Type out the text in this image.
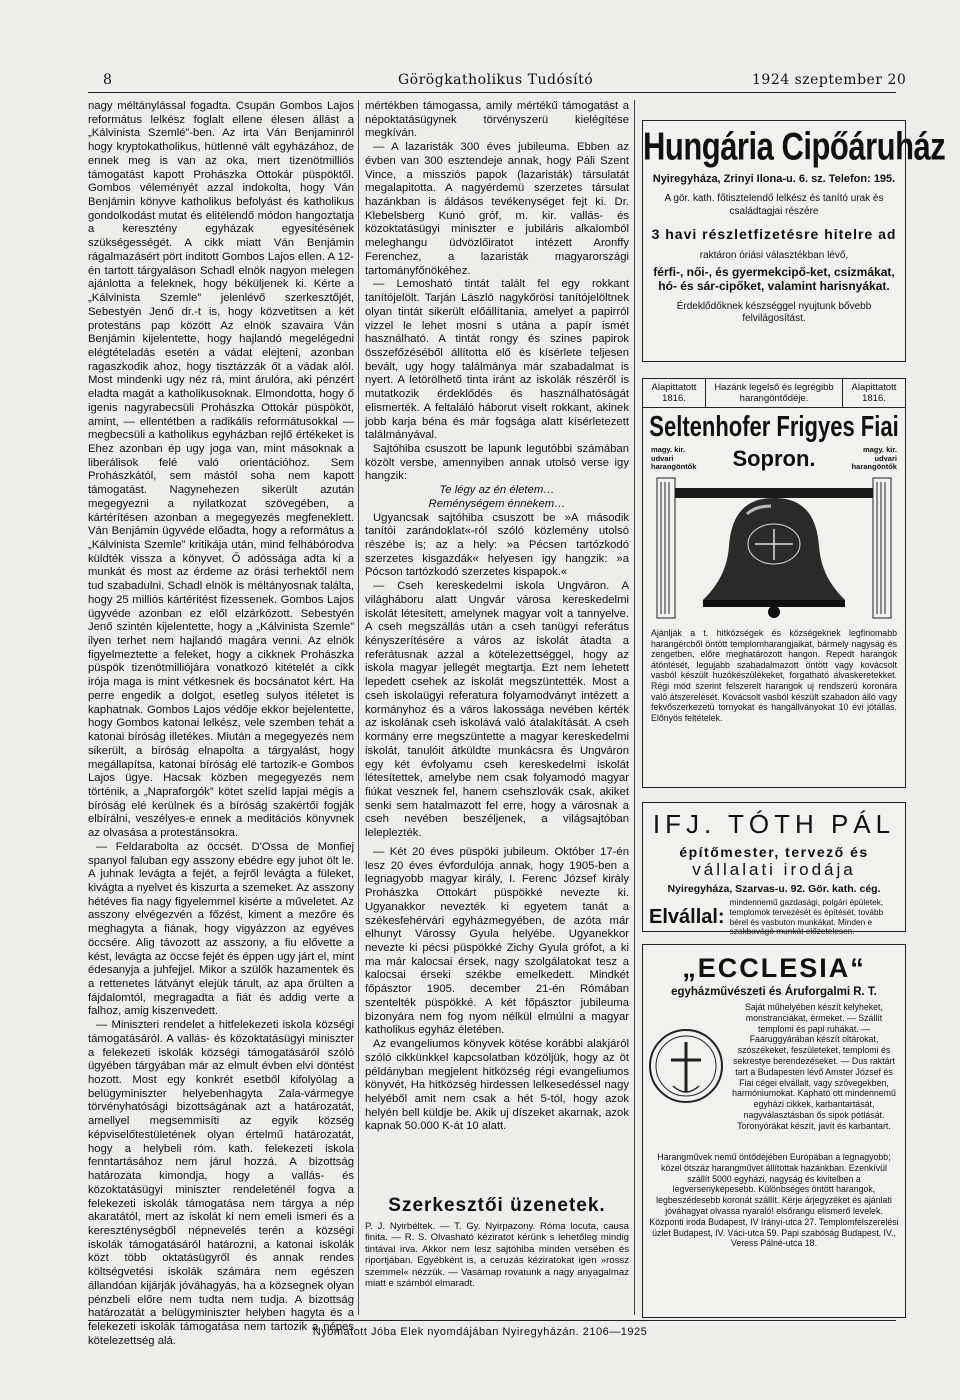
8	Görögkatholikus Tudósító	1924 szeptember 20

nagy méltánylással fogadta. Csupán Gombos Lajos református lelkész foglalt ellene élesen állást a „Kálvinista Szemlé”-ben. Az irta Ván Benjaminról hogy kryptokatholikus, hütlenné vált egyházához, de ennek meg is van az oka, mert tizenötmilliós támogatást kapott Prohászka Ottokár püspöktől. Gombos véleményét azzal indokolta, hogy Ván Benjámin könyve katholikus befolyást és katholikus gondolkodást mutat és elitélendő módon hangoztatja a keresztény egyházak egyesitésének szükségességét. A cikk miatt Ván Benjámin rágalmazásért pört inditott Gombos Lajos ellen. A 12-én tartott tárgyaláson Schadl elnök nagyon melegen ajánlotta a feleknek, hogy béküljenek ki. Kérte a „Kálvinista Szemle” jelenlévő szerkesztőjét, Sebestyén Jenő dr.-t is, hogy közvetitsen a két protestáns pap között Az elnök szavaira Ván Benjámin kijelentette, hogy hajlandó megelégedni elégtételadás esetén a vádat elejteni, azonban ragaszkodik ahoz, hogy tisztázzák őt a vádak alól. Most mindenki ugy néz rá, mint árulóra, aki pénzért eladta magát a katholikusoknak. Elmondotta, hogy ő igenis nagyrabecsüli Prohászka Ottokár püspököt, amint, — ellentétben a radikális reformátusokkal — megbecsüli a katholikus egyházban rejlő értékeket is Ehez azonban ép ugy joga van, mint másoknak a liberálisok felé való orientációhoz. Sem Prohászkától, sem mástól soha nem kapott támogatást. Nagynehezen sikerült azután megegyezni a nyilatkozat szövegében, a kártérítésen azonban a megegyezés megfeneklett. Ván Benjámin ügyvéde előadta, hogy a református a „Kálvinista Szemle” kritikája után, mind felhábórodva küldték vissza a könyvet. Ő adóssága adta ki a munkát és most az érdeme az örási terhektől nem tud szabadulni. Schadl elnök is méltányosnak találta, hogy 25 milliós kártéritést fizessenek. Gombos Lajos ügyvéde azonban ez elől elzárkózott. Sebestyén Jenő szintén kijelentette, hogy a „Kálvinista Szemle” ilyen terhet nem hajlandó magára venni. Az elnök figyelmeztette a feleket, hogy a cikknek Prohászka püspök tizenötmilliójára vonatkozó kitételét a cikk irója maga is mint vétkesnek és bocsánatot kért. Ha perre engedik a dolgot, esetleg sulyos itéletet is kaphatnak. Gombos Lajos védője ekkor bejelentette, hogy Gombos katonai lelkész, vele szemben tehát a katonai bíróság illetékes. Miután a megegyezés nem sikerült, a bíróság elnapolta a tárgyalást, hogy megállapítsa, katonai bíróság elé tartozik-e Gombos Lajos ügye. Hacsak közben megegyezés nem történik, a „Napraforgók” kötet szelíd lapjai mégis a bíróság elé kerülnek és a bíróság szakértői fogják elbírálni, veszélyes-e ennek a meditációs könyvnek az olvasása a protestánsokra.

— Feldarabolta az öccsét. D'Ossa de Monfiej spanyol faluban egy asszony ebédre egy juhot ölt le. A juhnak levágta a fejét, a fejről levágta a füleket, kivágta a nyelvet és kiszurta a szemeket. Az asszony hétéves fia nagy figyelemmel kisérte a műveletet. Az asszony elvégezvén a főzést, kiment a mezőre és meghagyta a fiának, hogy vigyázzon az egyéves öccsére. Alig távozott az asszony, a fiu elővette a kést, levágta az öccse fejét és éppen ugy járt el, mint édesanyja a juhfejjel. Mikor a szülők hazamentek és a rettenetes látványt elejük tárult, az apa őrülten a fájdalomtól, megragadta a fiát és addig verte a falhoz, amig kiszenvedett.

— Miniszteri rendelet a hitfelekezeti iskola községi támogatásáról. A vallás- és közoktatásügyi miniszter a felekezeti iskolák községi támogatásáról szóló ügyében tárgyában már az elmult évben elvi döntést hozott. Most egy konkrét esetből kifolyólag a belügyminiszter helyebenhagyta Zala-vármegye törvényhatósági bizottságának azt a határozatát, amellyel megsemmisíti az egyik község képviselőtestületének olyan értelmű határozatát, hogy a helybeli róm. kath. felekezeti iskola fenntartásához nem járul hozzá. A bizottság határozata kimondja, hogy a vallás- és közoktatásügyi miniszter rendeleténél fogva a felekezeti iskolák támogatása nem tárgya a nép akaratától, mert az iskolát ki nem emeli ismeri és a kereszténységből népnevelés terén a községi iskolák támogatásáról határozni, a katonai iskolák közt több oktatásügyről és annak rendes költségvetési iskolák számára nem egészen állandóan kijárják jóváhagyás, ha a közsegnek olyan pénzbeli előre nem tudta nem tudja. A bizottság határozatát a belügyminiszter helyben hagyta és a felekezeti iskolák támogatása nem tartozik a népes kötelezettség alá.

mértékben támogassa, amily mértékű támogatást a népoktatásügynek törvényszerü kielégítése megkíván.

— A lazaristák 300 éves jubileuma. Ebben az évben van 300 esztendeje annak, hogy Páli Szent Vince, a missziós papok (lazaristák) társulatát megalapitotta. A nagyérdemü szerzetes társulat hazánkban is áldásos tevékenységet fejt ki. Dr. Klebelsberg Kunó gróf, m. kir. vallás- és közoktatásügyi miniszter e jubiláris alkalomból meleghangu üdvözlőiratot intézett Aronffy Ferenchez, a lazaristák magyarországi tartományfőnökéhez.

— Lemosható tintát talált fel egy rokkant tanítójelölt. Tarján László nagykőrösi tanítójelöltnek olyan tintát sikerült előállítania, amelyet a papirról vizzel le lehet mosni s utána a papír ismét használható. A tintát rongy és szines papirok összefőzéséből állítottа elő és kísérlete teljesen bevált, ugy hogy találmánya már szabadalmat is nyert. A letörölhető tinta iránt az iskolák részéről is mutatkozik érdeklődés és használhatóságát elismerték. A feltaláló háborut viselt rokkant, akinek jobb karja béna és már fogsága alatt kísérletezett találmányával.

Sajtóhiba csuszott be lapunk legutóbbi számában közölt versbe, amennyiben annak utolsó verse igy hangzik:

Te légy az én életem…

Reménységem énnekem…

Ugyancsak sajtóhiba csuszott be »A második tanítói zarándoklat«-ról szóló közlemény utolsó részébe is; az a hely: »a Pécsen tartózkodó szerzetes kisgazdák« helyesen igy hangzik: »a Pócson tartózkodó szerzetes kispapok.«

— Cseh kereskedelmi iskola Ungváron. A világháboru alatt Ungvár városa kereskedelmi iskolát létesitett, amelynek magyar volt a tannyelve. A cseh megszállás után a cseh tanügyi referátus kényszerítésére a város az iskolát átadta a referátusnak azzal a kötelezettséggel, hogy az iskola magyar jellegét megtartja. Ezt nem lehetett lepedett csehek az iskolát megszüntették. Most a cseh iskolaügyi referatura folyamodványt intézett a kormányhoz és a város lakossága nevében kérték az iskolának cseh iskolává való átalakítását. A cseh kormány erre megszüntette a magyar kereskedelmi iskolát, tanulóit átküldte munkácsra és Ungváron egy két évfolyamu cseh kereskedelmi iskolát létesítettek, amelybe nem csak folyamodó magyar fiúkat vesznek fel, hanem csehszlovák csak, akiket senki sem hatalmazott fel erre, hogy a városnak a cseh nevében beszéljenek, a világsajtóban leleplezték.

— Két 20 éves püspöki jubileum. Október 17-én lesz 20 éves évfordulója annak, hogy 1905-ben a legnagyobb magyar király, I. Ferenc József király Prohászka Ottokárt püspökké nevezte ki. Ugyanakkor nevezték ki egyetem tanát a székesfehérvári egyházmegyében, de azóta már elhunyt Várossy Gyula helyébe. Ugyanekkor nevezte ki pécsi püspökké Zichy Gyula grófot, a ki ma már kalocsai érsek, nagy szolgálatokat tesz a kalocsai érseki székbe emelkedett. Mindkét főpásztor 1905. december 21-én Rómában szentelték püspökké. A két főpásztor jubileuma bizonyára nem fog nyom nélkül elmúlni a magyar katholikus egyház életében.

Az evangeliumos könyvek kötése korábbi alakjáról szóló cikkünkkel kapcsolatban közöljük, hogy az öt példányban megjelent hitközség régi evangeliumos könyvét, Ha hitközség hirdessen lelkesedéssel nagy helyéből amit nem csak a hét 5-tól, hogy azok helyén bell küldje be. Akik uj díszeket akarnak, azok kapnak 50.000 K-át 10 alatt.

Szerkesztői üzenetek.
P. J. Nyirbéltek. — T. Gy. Nyirpazony. Róma locuta, causa finita. — R. S. Olvasható kéziratot kérünk s lehetőleg mindig tintával irva. Akkor nem lesz sajtóhiba minden versében és riportjában. Egyébként is, a ceruzás kéziratokat igen »rossz szemmel« nézzük. — Vasárnap rovatunk a nagy anyagalmaz miatt e számból elmaradt.
Hungária Cipőáruház
Nyiregyháza, Zrinyi Ilona-u. 6. sz. Telefon: 195.
A gör. kath. főtisztelendő lelkész és tanító urak és családtagjai részére
3 havi részletfizetésre hitelre ad
raktáron óriási választékban lévő,
férfi-, női-, és gyermekcipő-ket, csizmákat, hó- és sár-cipőket, valamint harisnyákat.
Érdeklődőknek készséggel nyujtunk bővebb felvilágosítást.
Alapittatott 1816.
Hazánk legelső és legrégibb harangöntődéje.
Alapittatott 1816.
Seltenhofer Frigyes Fiai
magy. kir. udvari harangöntők	Sopron.	magy. kir. udvari harangöntők
Ajánlják a t. hitközségek és községeknek legfinomabb harangércből öntött templomharangjaikat, bármely nagyság és zengetben, előre meghatározott hangon. Repedt harangok átöntését, legujabb szabadalmazott öntött vagy kovácsolt vasból készült huzókészülékeket, forgatható álvaskeretekket. Régi mód szerint felszerelt harangok uj rendszerü koronára való átszerelését. Kovácsolt vasból készült szabadon álló vagy fekvőszerkezetü tornyokat és hangállványokat 10 évi jótállás. Előnyös feltételek.
IFJ. TÓTH PÁL
építőmester, tervező és
vállalati irodája
Nyiregyháza, Szarvas-u. 92. Gör. kath. cég.
Elvállal:
mindennemű gazdasági, polgári épületek, templomok tervezését és építését, tovább bérel és vasbuton munkákat. Minden e szakbavágó munkát előzetelesen.
„ECCLESIA“
egyházművészeti és Áruforgalmi R. T.
Saját műhelyében készít kelyheket, monstranciákat, érmeket. — Szállít templomi és papi ruhákat. — Faáruggyárában készít oltárokat, szószékeket, feszületeket, templomi és sekrestye berendezéseket. — Dus raktárt tart a Budapesten lévő Amster József és Fiai cégei elvállalt, vagy szövegekben, harmóniumokat. Kapható ott mindennemű egyházi cikkek, karbantartását, nagyválasztásban ős sipok pótlását. Toronyórákat készít, javít és karbantart.
Harangművek nemű öntődéjében Európában a legnagyobb; közel ötszáz harangművet állítottak hazánkban. Ezenkívül szállít 5000 egyházi, nagyság és kivitelben a legversenyképesebb. Különbséges öntött harangok, legbeszédesebb koronát szállít. Kérje árjegyzéket és ajánlati jóváhagyat olvassa nyaraló! elsőrangu elismerő levelek. Központi iroda Budapest, IV Irányi-utca 27. Templomfelszerelési üzlet Budapest, IV. Váci-utca 59. Papi szabóság Budapest, IV., Veress Pálné-utca 18.
Nyomatott Jóba Elek nyomdájában Nyiregyházán. 2106—1925
